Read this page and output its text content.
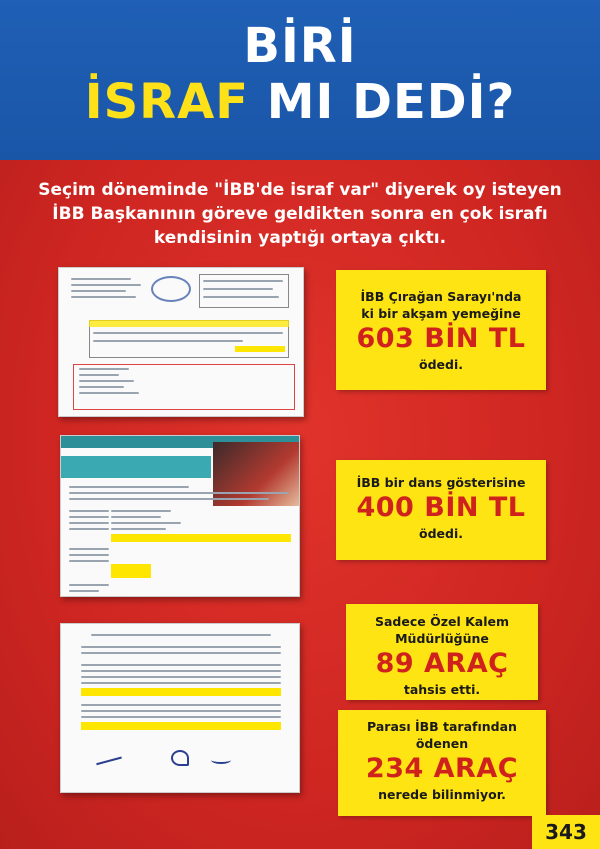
BİRİ
İSRAF MI DEDİ?
Seçim döneminde "İBB'de israf var" diyerek oy isteyen İBB Başkanının göreve geldikten sonra en çok israfı kendisinin yaptığı ortaya çıktı.
İBB Çırağan Sarayı'nda
ki bir akşam yemeğine
603 BİN TL
ödedi.
İBB bir dans gösterisine
400 BİN TL
ödedi.
Sadece Özel Kalem
Müdürlüğüne
89 ARAÇ
tahsis etti.
Parası İBB tarafından
ödenen
234 ARAÇ
nerede bilinmiyor.
343
